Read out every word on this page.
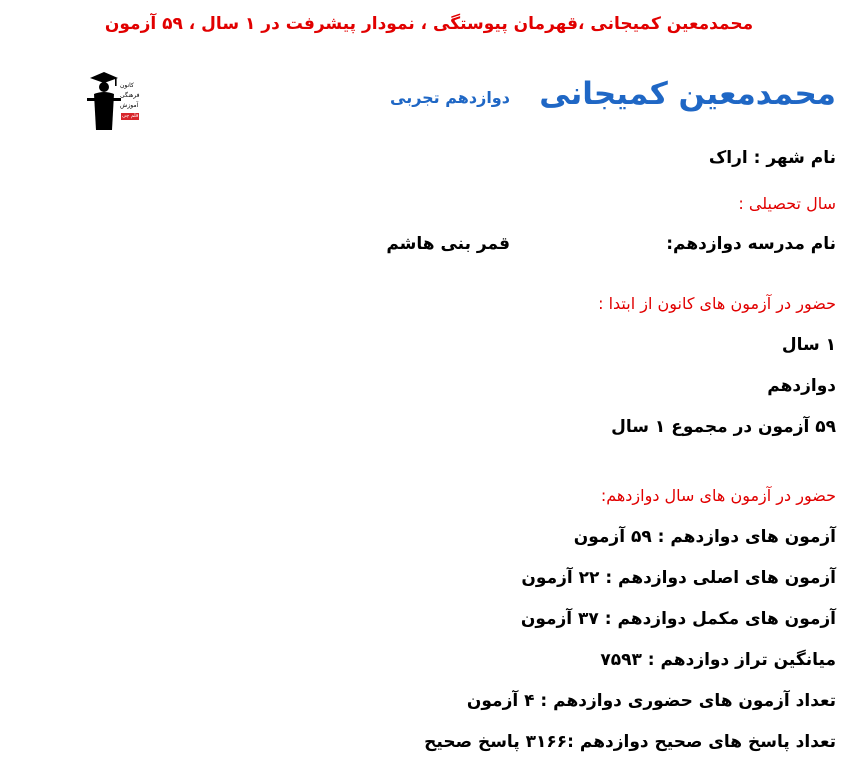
محمدمعین کمیجانی ،قهرمان پیوستگی ، نمودار پیشرفت در ۱ سال ، ۵۹ آزمون
کانون
فرهنگی
آموزش
قلم چی
دوازدهم تجربی محمدمعین کمیجانی
نام شهر : اراک
سال تحصیلی :
نام مدرسه دوازدهم:
قمر بنی هاشم
حضور در آزمون های کانون از ابتدا :
۱ سال
دوازدهم
۵۹ آزمون در مجموع ۱ سال
حضور در آزمون های سال دوازدهم:
آزمون های دوازدهم : ۵۹ آزمون
آزمون های اصلی دوازدهم : ۲۲ آزمون
آزمون های مکمل دوازدهم : ۳۷ آزمون
میانگین تراز دوازدهم : ۷۵۹۳
تعداد آزمون های حضوری دوازدهم : ۴ آزمون
تعداد پاسخ های صحیح دوازدهم :۳۱۶۶ پاسخ صحیح
